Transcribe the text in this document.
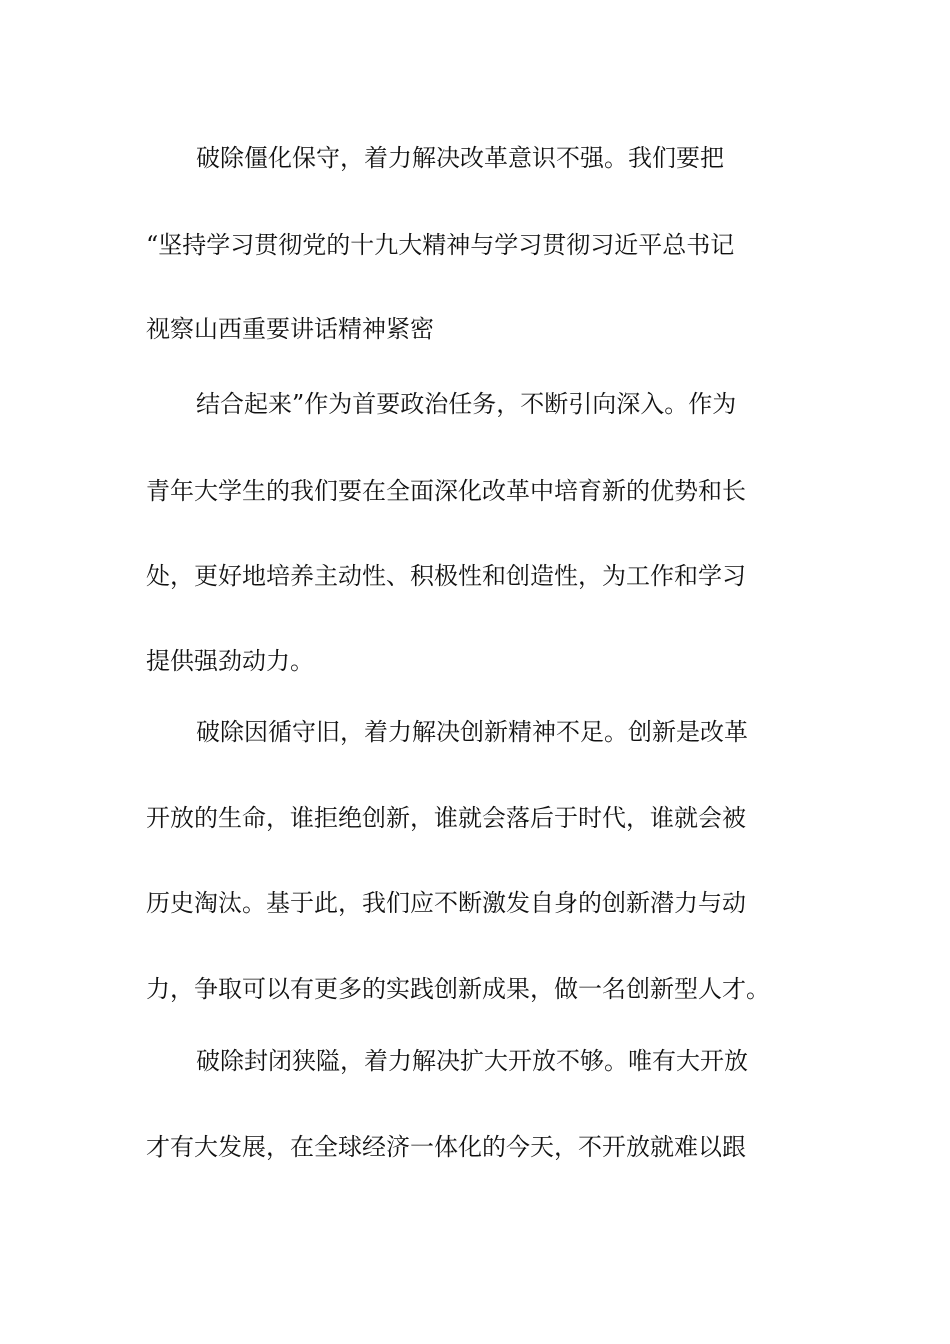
破除僵化保守，着力解决改革意识不强。我们要把
“坚持学习贯彻党的十九大精神与学习贯彻习近平总书记
视察山西重要讲话精神紧密
结合起来”作为首要政治任务，不断引向深入。作为
青年大学生的我们要在全面深化改革中培育新的优势和长
处，更好地培养主动性、积极性和创造性，为工作和学习
提供强劲动力。
破除因循守旧，着力解决创新精神不足。创新是改革
开放的生命，谁拒绝创新，谁就会落后于时代，谁就会被
历史淘汰。基于此，我们应不断激发自身的创新潜力与动
力，争取可以有更多的实践创新成果，做一名创新型人才。
破除封闭狭隘，着力解决扩大开放不够。唯有大开放
才有大发展，在全球经济一体化的今天，不开放就难以跟
